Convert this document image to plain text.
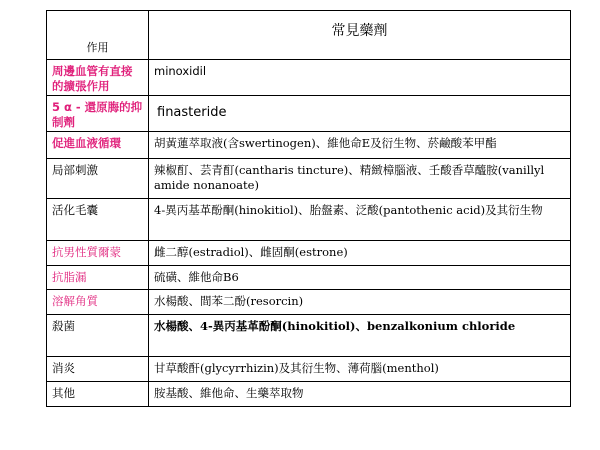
作用	常見藥劑
周邊血管有直接的擴張作用	minoxidil
5 α - 還原脢的抑制劑	finasteride
促進血液循環	胡黃蓮萃取液(含swertinogen)、維他命E及衍生物、菸鹼酸苯甲酯
局部刺激	辣椒酊、芸青酊(cantharis tincture)、精緻樟腦液、壬酸香草醯胺(vanillyl amide nonanoate)
活化毛囊	4-異丙基革酚酮(hinokitiol)、胎盤素、泛酸(pantothenic acid)及其衍生物
抗男性質爾蒙	雌二醇(estradiol)、雌固酮(estrone)
抗脂漏	硫磺、維他命B6
溶解角質	水楊酸、間苯二酚(resorcin)
殺菌	水楊酸、4-異丙基革酚酮(hinokitiol)、benzalkonium chloride
消炎	甘草酸酐(glycyrrhizin)及其衍生物、薄荷腦(menthol)
其他	胺基酸、維他命、生藥萃取物
